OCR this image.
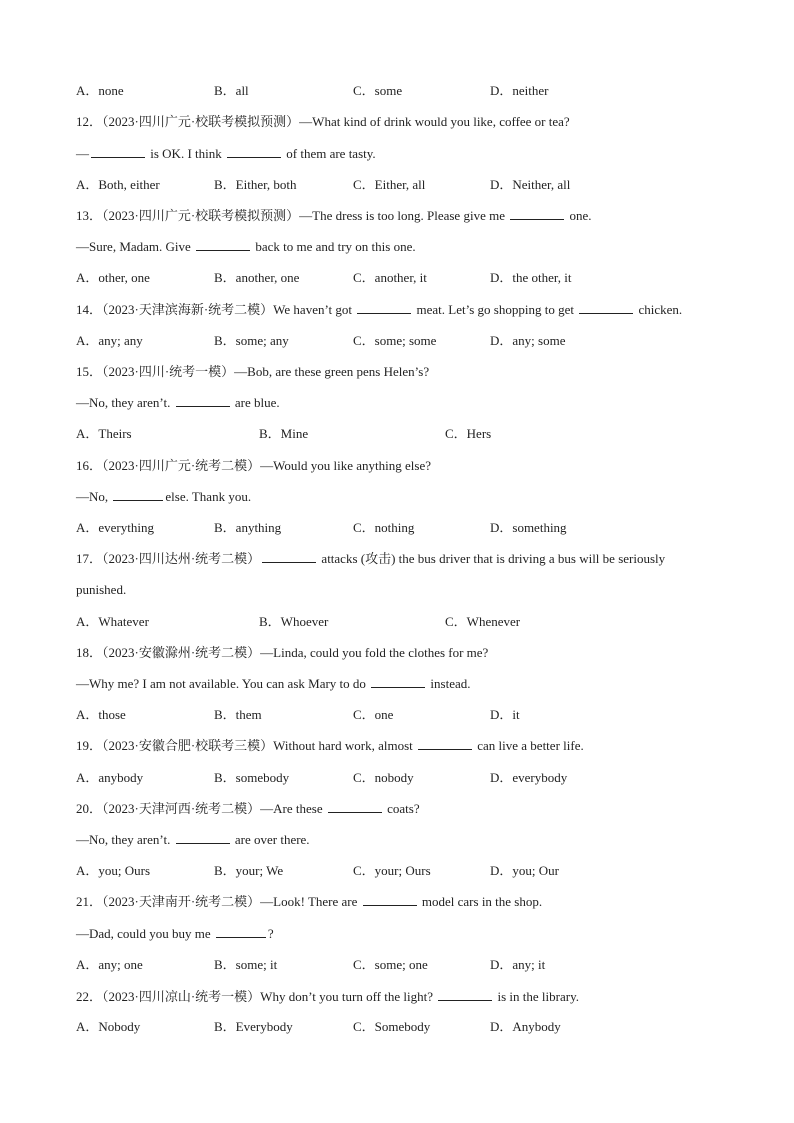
A．none	B．all	C．some	D．neither
12．（2023·四川广元·校联考模拟预测）—What kind of drink would you like, coffee or tea?
—	is OK. I think	of them are tasty.
A．Both, either	B．Either, both	C．Either, all	D．Neither, all
13．（2023·四川广元·校联考模拟预测）—The dress is too long. Please give me	one.
—Sure, Madam. Give	back to me and try on this one.
A．other, one	B．another, one	C．another, it	D．the other, it
14．（2023·天津滨海新·统考二模）We haven’t got	meat. Let’s go shopping to get	chicken.
A．any; any	B．some; any	C．some; some	D．any; some
15．（2023·四川·统考一模）—Bob, are these green pens Helen’s?
—No, they aren’t.	are blue.
A．Theirs	B．Mine	C．Hers
16．（2023·四川广元·统考二模）—Would you like anything else?
—No,	else. Thank you.
A．everything	B．anything	C．nothing	D．something
17．（2023·四川达州·统考二模）	attacks (攻击) the bus driver that is driving a bus will be seriously
punished.
A．Whatever	B．Whoever	C．Whenever
18．（2023·安徽滁州·统考二模）—Linda, could you fold the clothes for me?
—Why me? I am not available. You can ask Mary to do	instead.
A．those	B．them	C．one	D．it
19．（2023·安徽合肥·校联考三模）Without hard work, almost	can live a better life.
A．anybody	B．somebody	C．nobody	D．everybody
20．（2023·天津河西·统考二模）—Are these	coats?
—No, they aren’t.	are over there.
A．you; Ours	B．your; We	C．your; Ours	D．you; Our
21．（2023·天津南开·统考二模）—Look! There are	model cars in the shop.
—Dad, could you buy me	?
A．any; one	B．some; it	C．some; one	D．any; it
22．（2023·四川凉山·统考一模）Why don’t you turn off the light?	is in the library.
A．Nobody	B．Everybody	C．Somebody	D．Anybody
